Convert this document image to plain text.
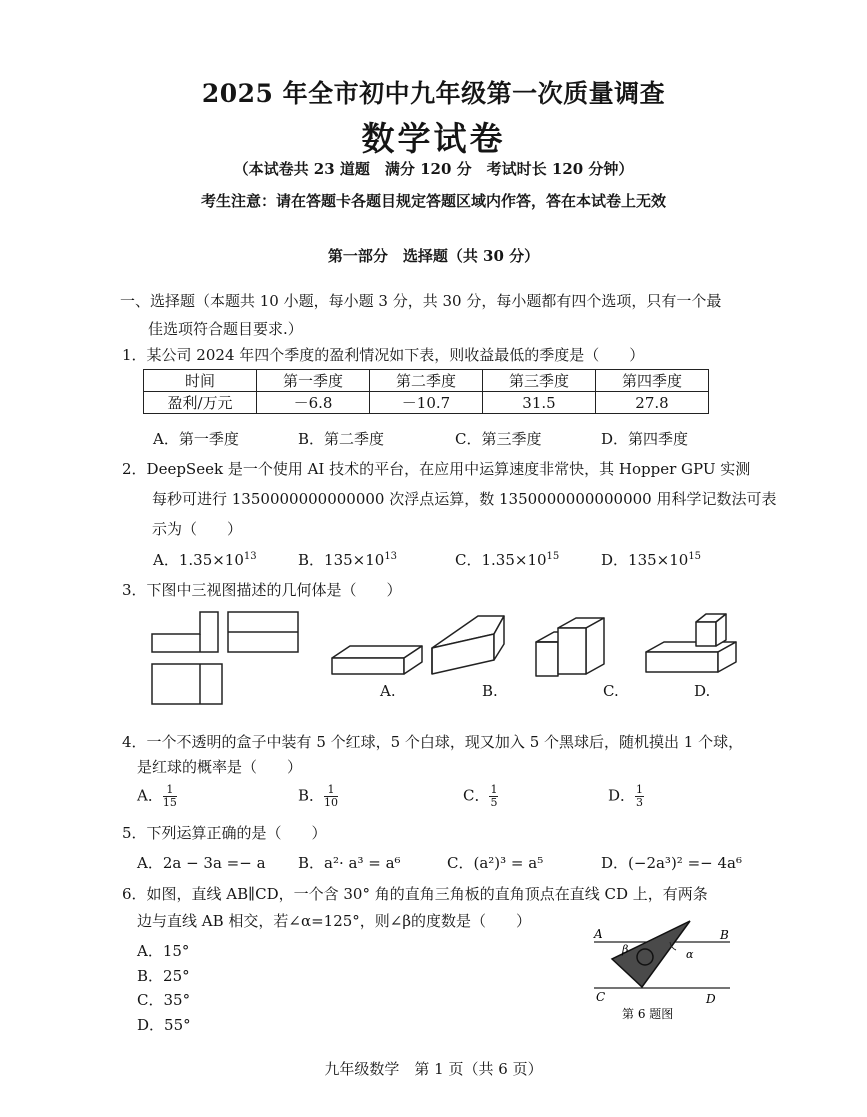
2025 年全市初中九年级第一次质量调查
数学试卷
（本试卷共 23 道题　满分 120 分　考试时长 120 分钟）
考生注意：请在答题卡各题目规定答题区域内作答，答在本试卷上无效
第一部分　选择题（共 30 分）
一、选择题（本题共 10 小题，每小题 3 分，共 30 分，每小题都有四个选项，只有一个最
佳选项符合题目要求.）
1．某公司 2024 年四个季度的盈利情况如下表，则收益最低的季度是（　　）
时间	第一季度	第二季度	第三季度	第四季度
盈利/万元	－6.8	－10.7	31.5	27.8
A．第一季度	B．第二季度	C．第三季度	D．第四季度
2．DeepSeek 是一个使用 AI 技术的平台，在应用中运算速度非常快，其 Hopper GPU 实测
每秒可进行 1350000000000000 次浮点运算，数 1350000000000000 用科学记数法可表
示为（　　）
A．$1.35\times 10^{13}$	B．$135\times 10^{13}$	C．$1.35\times 10^{15}$	D．$135\times 10^{15}$
3．下图中三视图描述的几何体是（　　）
A.	B.	C.	D.
4．一个不透明的盒子中装有 5 个红球，5 个白球，现又加入 5 个黑球后，随机摸出 1 个球，
是红球的概率是（　　）
A． $\frac{1}{15}$	B． $\frac{1}{10}$	C． $\frac{1}{5}$	D． $\frac{1}{3}$
5．下列运算正确的是（　　）
A．2a − 3a =− a B．a²· a³ = a⁶	C．(a²)³ = a⁵	D．(−2a³)² =− 4a⁶
6．如图，直线 AB∥CD，一个含 30° 角的直角三角板的直角顶点在直线 CD 上，有两条
边与直线 AB 相交，若∠α=125°，则∠β的度数是（　　）
A．15°
B．25°
C．35°
D．55°
A	B
β	α
C	D
第 6 题图
九年级数学　第 1 页（共 6 页）
